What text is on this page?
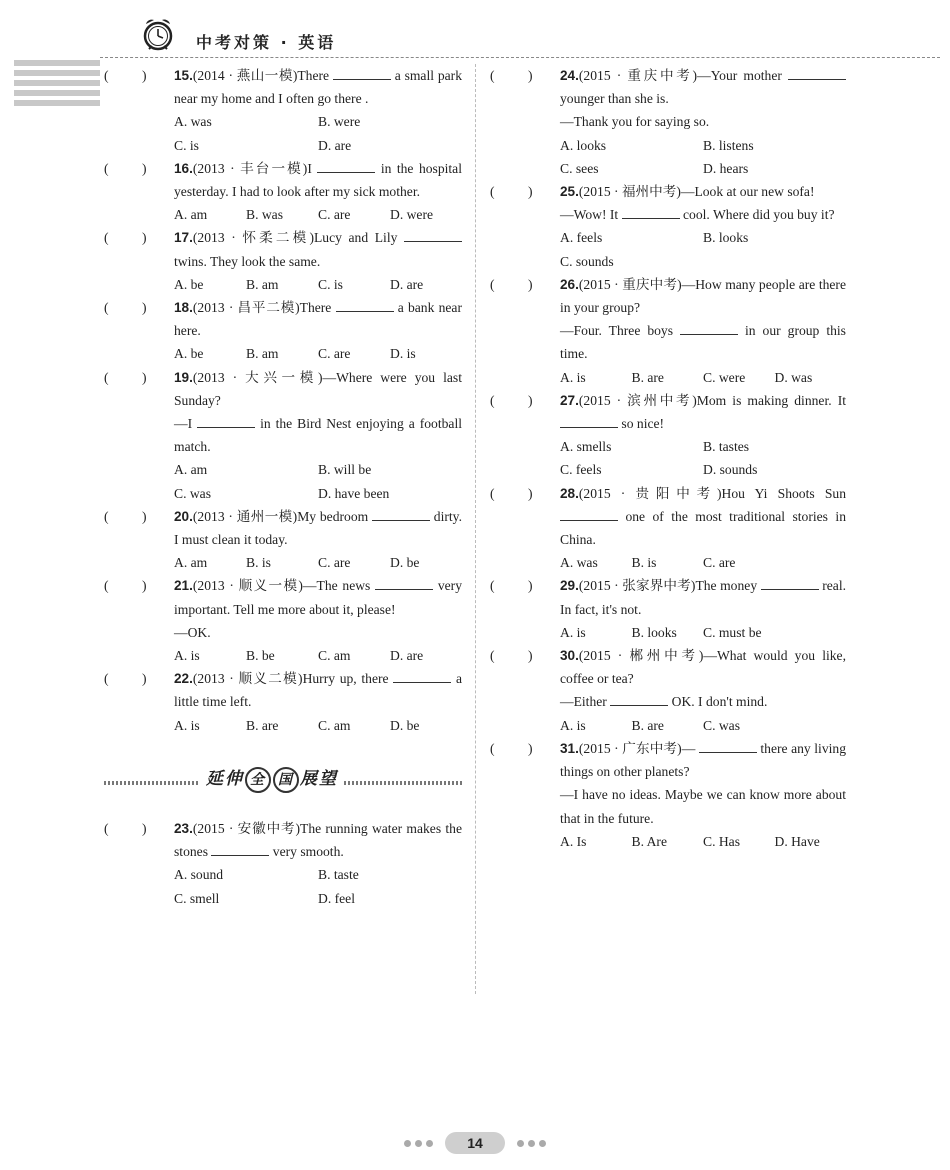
中考对策 · 英语
( ) 15.(2014 · 燕山一模)There	a small park near my home and I often go there .
A. was	B. were
C. is	D. are
( ) 16.(2013 · 丰台一模)I	in the hospital yesterday. I had to look after my sick mother.
A. am	B. was	C. are	D. were
( ) 17.(2013 · 怀柔二模)Lucy and Lily  twins. They look the same.
A. be	B. am	C. is	D. are
( ) 18.(2013 · 昌平二模)There	a bank near here.
A. be	B. am	C. are	D. is
( ) 19.(2013 · 大兴一模)—Where were you last Sunday?
—I	in the Bird Nest enjoying a football match.
A. am	B. will be
C. was	D. have been
( ) 20.(2013 · 通州一模)My bedroom	dirty. I must clean it today.
A. am	B. is	C. are	D. be
( ) 21.(2013 · 顺义一模)—The news	very important. Tell me more about it, please!
—OK.
A. is	B. be	C. am	D. are
( ) 22.(2013 · 顺义二模)Hurry up, there	a little time left.
A. is	B. are	C. am	D. be
延伸 全 国 展望
( ) 23.(2015 · 安徽中考)The running water makes the stones	very smooth.
A. sound	B. taste
C. smell	D. feel
( ) 24.(2015 · 重庆中考)—Your mother  younger than she is.
—Thank you for saying so.
A. looks	B. listens
C. sees	D. hears
( ) 25.(2015 · 福州中考)—Look at our new sofa!
—Wow! It	cool. Where did you buy it?
A. feels	B. looks
C. sounds
( ) 26.(2015 · 重庆中考)—How many people are there in your group?
—Four. Three boys	in our group this time.
A. is	B. are	C. were	D. was
( ) 27.(2015 · 滨州中考)Mom is making dinner. It  so nice!
A. smells	B. tastes
C. feels	D. sounds
( ) 28.(2015 · 贵阳中考)Hou Yi Shoots Sun  one of the most traditional stories in China.
A. was	B. is	C. are
( ) 29.(2015 · 张家界中考)The money	real. In fact, it's not.
A. is	B. looks	C. must be
( ) 30.(2015 · 郴州中考)—What would you like, coffee or tea?
—Either	OK. I don't mind.
A. is	B. are	C. was
( ) 31.(2015 · 广东中考)—	there any living things on other planets?
—I have no ideas. Maybe we can know more about that in the future.
A. Is	B. Are	C. Has	D. Have
14
